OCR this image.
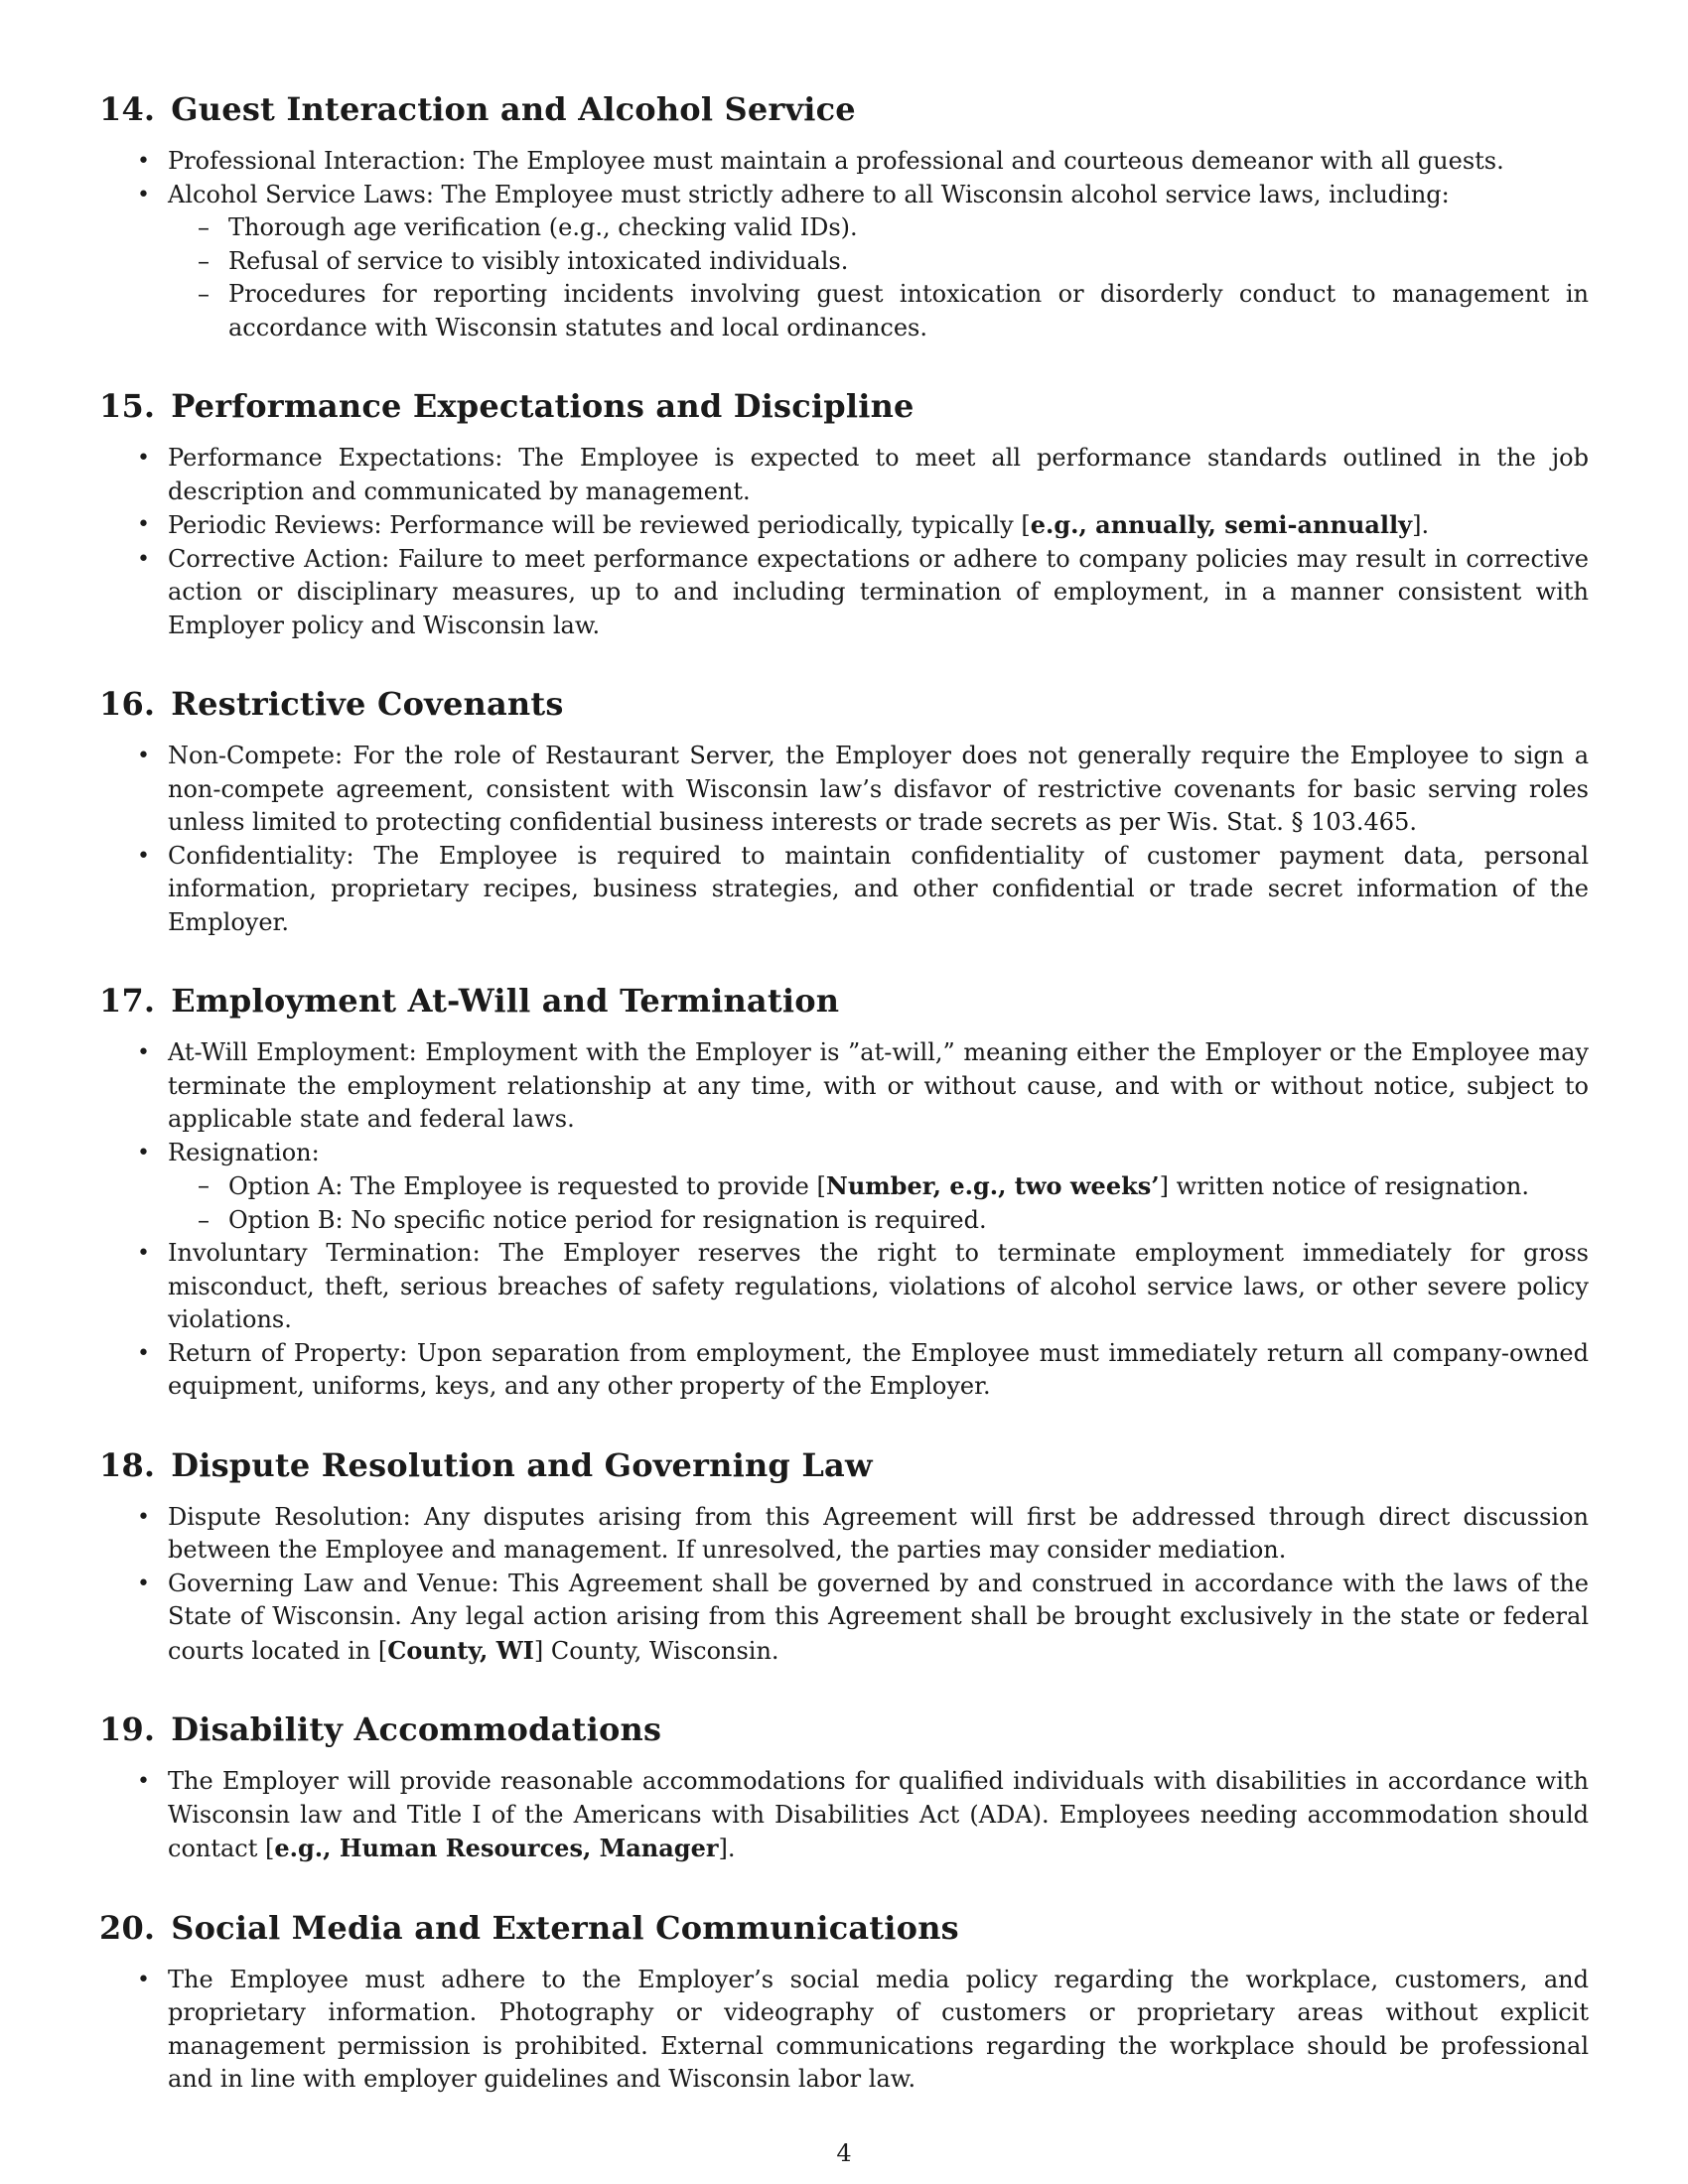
14. Guest Interaction and Alcohol Service
• Professional Interaction: The Employee must maintain a professional and courteous demeanor with all guests.
• Alcohol Service Laws: The Employee must strictly adhere to all Wisconsin alcohol service laws, including:
– Thorough age verification (e.g., checking valid IDs).
– Refusal of service to visibly intoxicated individuals.
– Procedures for reporting incidents involving guest intoxication or disorderly conduct to management in accordance with Wisconsin statutes and local ordinances.
15. Performance Expectations and Discipline
• Performance Expectations: The Employee is expected to meet all performance standards outlined in the job description and communicated by management.
• Periodic Reviews: Performance will be reviewed periodically, typically [e.g., annually, semi-annually].
• Corrective Action: Failure to meet performance expectations or adhere to company policies may result in corrective action or disciplinary measures, up to and including termination of employment, in a manner consistent with Employer policy and Wisconsin law.
16. Restrictive Covenants
• Non-Compete: For the role of Restaurant Server, the Employer does not generally require the Employee to sign a non-compete agreement, consistent with Wisconsin law’s disfavor of restrictive covenants for basic serving roles unless limited to protecting confidential business interests or trade secrets as per Wis. Stat. § 103.465.
• Confidentiality: The Employee is required to maintain confidentiality of customer payment data, personal information, proprietary recipes, business strategies, and other confidential or trade secret information of the Employer.
17. Employment At-Will and Termination
• At-Will Employment: Employment with the Employer is ”at-will,” meaning either the Employer or the Employee may terminate the employment relationship at any time, with or without cause, and with or without notice, subject to applicable state and federal laws.
• Resignation:
– Option A: The Employee is requested to provide [Number, e.g., two weeks’] written notice of resignation.
– Option B: No specific notice period for resignation is required.
• Involuntary Termination: The Employer reserves the right to terminate employment immediately for gross misconduct, theft, serious breaches of safety regulations, violations of alcohol service laws, or other severe policy violations.
• Return of Property: Upon separation from employment, the Employee must immediately return all company-owned equipment, uniforms, keys, and any other property of the Employer.
18. Dispute Resolution and Governing Law
• Dispute Resolution: Any disputes arising from this Agreement will first be addressed through direct discussion between the Employee and management. If unresolved, the parties may consider mediation.
• Governing Law and Venue: This Agreement shall be governed by and construed in accordance with the laws of the State of Wisconsin. Any legal action arising from this Agreement shall be brought exclusively in the state or federal courts located in [County, WI] County, Wisconsin.
19. Disability Accommodations
• The Employer will provide reasonable accommodations for qualified individuals with disabilities in accordance with Wisconsin law and Title I of the Americans with Disabilities Act (ADA). Employees needing accommodation should contact [e.g., Human Resources, Manager].
20. Social Media and External Communications
• The Employee must adhere to the Employer’s social media policy regarding the workplace, customers, and proprietary information. Photography or videography of customers or proprietary areas without explicit management permission is prohibited. External communications regarding the workplace should be professional and in line with employer guidelines and Wisconsin labor law.
4
